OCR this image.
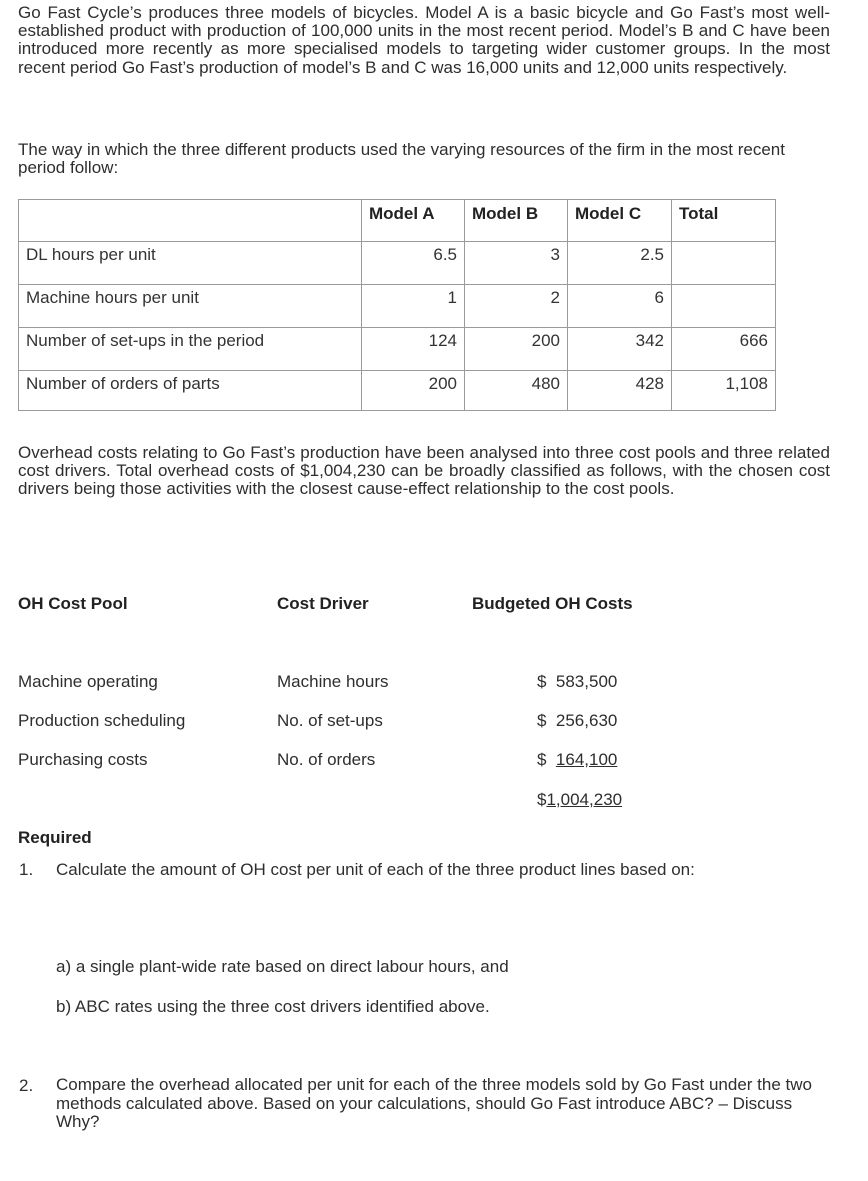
Go Fast Cycle’s produces three models of bicycles. Model A is a basic bicycle and Go Fast’s most well-established product with production of 100,000 units in the most recent period. Model’s B and C have been introduced more recently as more specialised models to targeting wider customer groups. In the most recent period Go Fast’s production of model’s B and C was 16,000 units and 12,000 units respectively.

The way in which the three different products used the varying resources of the firm in the most recent period follow:

	Model A	Model B	Model C	Total
DL hours per unit	6.5	3	2.5	
Machine hours per unit	1	2	6	
Number of set-ups in the period	124	200	342	666
Number of orders of parts	200	480	428	1,108

Overhead costs relating to Go Fast’s production have been analysed into three cost pools and three related cost drivers. Total overhead costs of $1,004,230 can be broadly classified as follows, with the chosen cost drivers being those activities with the closest cause-effect relationship to the cost pools.

OH Cost Pool	Cost Driver	Budgeted OH Costs
Machine operating	Machine hours	$  583,500
Production scheduling	No. of set-ups	$  256,630
Purchasing costs	No. of orders	$  164,100
$1,004,230
Required
1. Calculate the amount of OH cost per unit of each of the three product lines based on:
a) a single plant-wide rate based on direct labour hours, and
b) ABC rates using the three cost drivers identified above.
2. Compare the overhead allocated per unit for each of the three models sold by Go Fast under the two methods calculated above. Based on your calculations, should Go Fast introduce ABC? – Discuss Why?
